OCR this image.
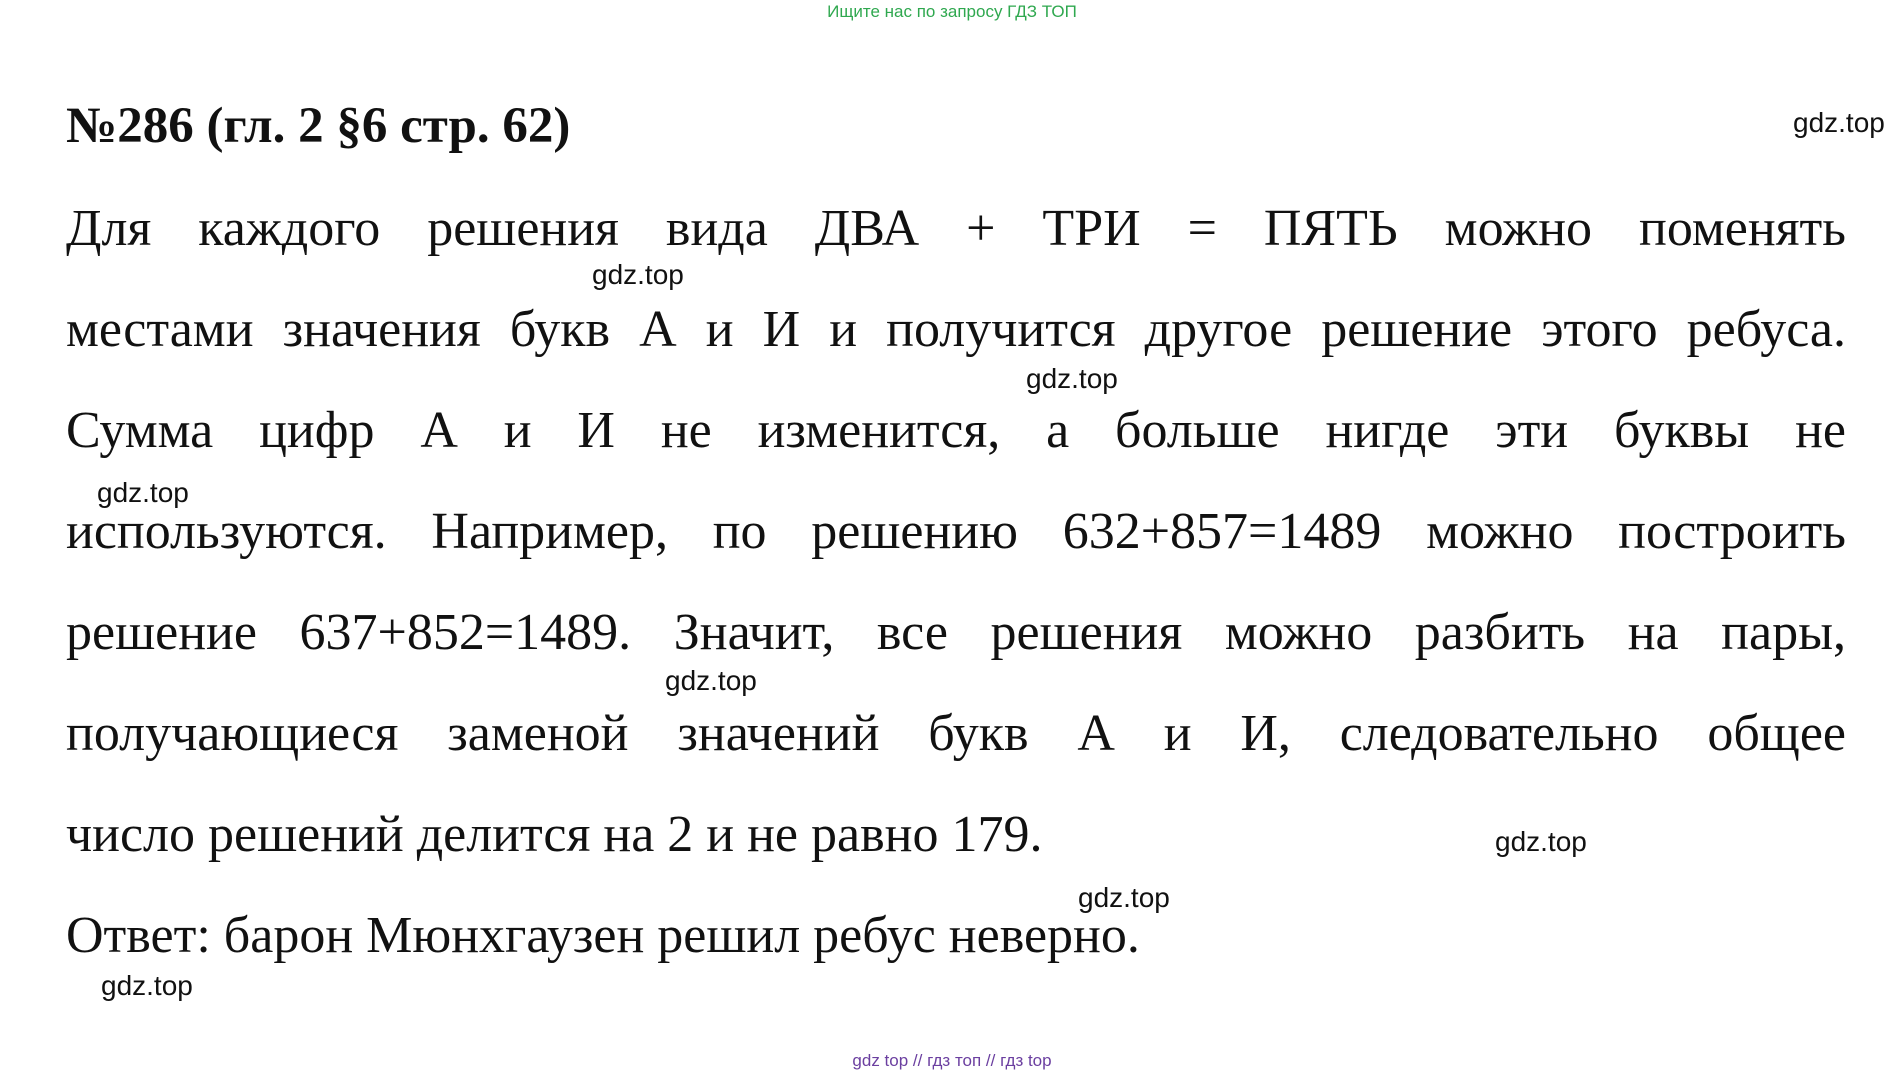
Ищите нас по запросу ГДЗ ТОП
№286 (гл. 2 §6 стр. 62)
Для каждого решения вида ДВА + ТРИ = ПЯТЬ можно поменять
местами значения букв А и И и получится другое решение этого ребуса.
Сумма цифр А и И не изменится, а больше нигде эти буквы не
используются. Например, по решению 632+857=1489 можно построить
решение 637+852=1489. Значит, все решения можно разбить на пары,
получающиеся заменой значений букв А и И, следовательно общее
число решений делится на 2 и не равно 179.
Ответ: барон Мюнхгаузен решил ребус неверно.
gdz.top
gdz.top
gdz.top
gdz.top
gdz.top
gdz.top
gdz.top
gdz.top
gdz top // гдз топ // гдз top
